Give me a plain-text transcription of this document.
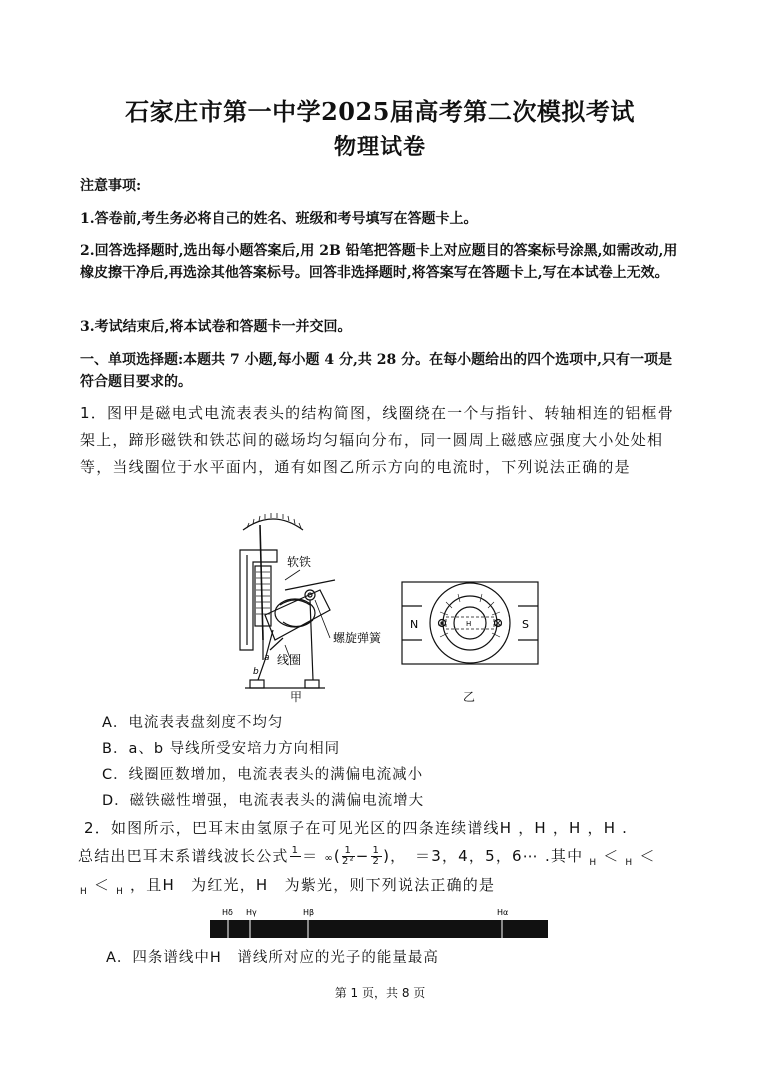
石家庄市第一中学2025届高考第二次模拟考试
物理试卷
注意事项:
1.答卷前,考生务必将自己的姓名、班级和考号填写在答题卡上。
2.回答选择题时,选出每小题答案后,用 2B 铅笔把答题卡上对应题目的答案标号涂黑,如需改动,用橡皮擦干净后,再选涂其他答案标号。回答非选择题时,将答案写在答题卡上,写在本试卷上无效。
3.考试结束后,将本试卷和答题卡一并交回。
一、单项选择题:本题共 7 小题,每小题 4 分,共 28 分。在每小题给出的四个选项中,只有一项是符合题目要求的。
1．图甲是磁电式电流表表头的结构简图，线圈绕在一个与指针、转轴相连的铝框骨架上，蹄形磁铁和铁芯间的磁场均匀辐向分布，同一圆周上磁感应强度大小处处相等，当线圈位于水平面内，通有如图乙所示方向的电流时，下列说法正确的是
软铁
螺旋弹簧
线圈
a
b
甲
N	S
H
乙
A．电流表表盘刻度不均匀
B．a、b 导线所受安培力方向相同
C．线圈匝数增加，电流表表头的满偏电流减小
D．磁铁磁性增强，电流表表头的满偏电流增大
2．如图所示，巴耳末由氢原子在可见光区的四条连续谱线H ，H ，H ，H .
总结出巴耳末系谱线波长公式 1
＝ ∞( $\frac{1}{\text{2²}} - \frac{1}{2}$ )，　＝3，4，5，6⋯ .其中 $_H$ ＜ $_H$ ＜
$_H$ ＜ $_H$ ，且H　为红光，H　为紫光，则下列说法正确的是
Hδ Hγ	Hβ	Hα
A．四条谱线中H　谱线所对应的光子的能量最高
第 1 页，共 8 页
